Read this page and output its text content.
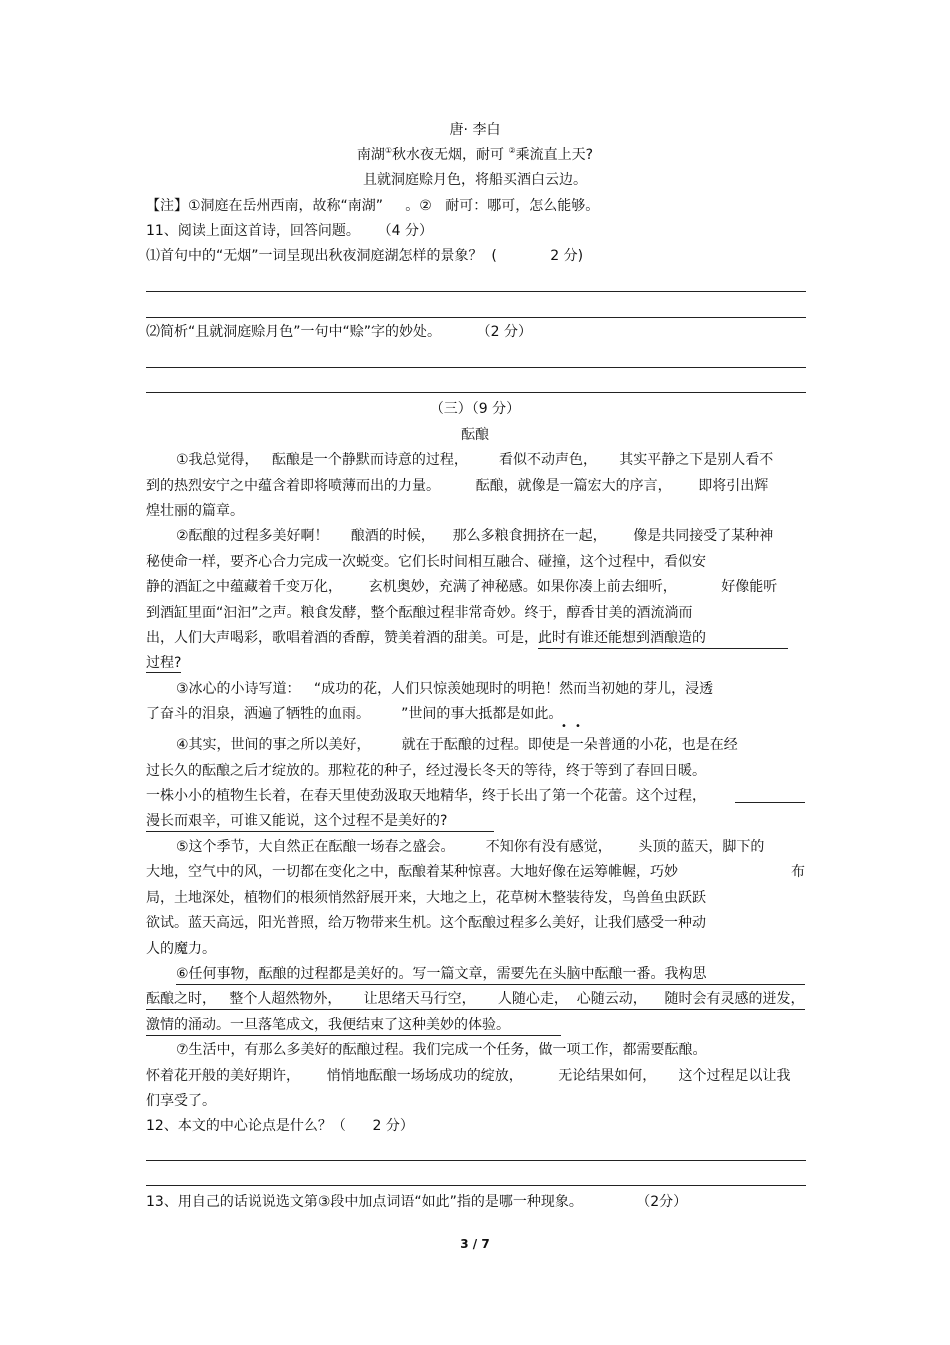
唐· 李白
南湖①秋水夜无烟，耐可 ②乘流直上天?
且就洞庭赊月色，将船买酒白云边。
【注】①洞庭在岳州西南，故称“南湖”     。②   耐可：哪可，怎么能够。
11、阅读上面这首诗，回答问题。    （4 分）
⑴首句中的“无烟”一词呈现出秋夜洞庭湖怎样的景象？  (            2 分)
⑵简析“且就洞庭赊月色”一句中“赊”字的妙处。        （2 分）
（三）（9 分）
酝酿
①我总觉得，   酝酿是一个静默而诗意的过程，       看似不动声色，     其实平静之下是别人看不
到的热烈安宁之中蕴含着即将喷薄而出的力量。        酝酿，就像是一篇宏大的序言，      即将引出辉
煌壮丽的篇章。
②酝酿的过程多美好啊！     酿酒的时候，    那么多粮食拥挤在一起，      像是共同接受了某种神
秘使命一样，要齐心合力完成一次蜕变。它们长时间相互融合、碰撞，这个过程中，看似安
静的酒缸之中蕴藏着千变万化，      玄机奥妙，充满了神秘感。如果你凑上前去细听，          好像能听
到酒缸里面“汩汩”之声。粮食发酵，整个酝酿过程非常奇妙。终于，醇香甘美的酒流淌而
出，人们大声喝彩，歌唱着酒的香醇，赞美着酒的甜美。可是，此时有谁还能想到酒酿造的
过程?
③冰心的小诗写道：   “成功的花，人们只惊羡她现时的明艳！然而当初她的芽儿，浸透
了奋斗的泪泉，洒遍了牺牲的血雨。       ”世间的事大抵都是如此。
• •
④其实，世间的事之所以美好，       就在于酝酿的过程。即使是一朵普通的小花，也是在经
过长久的酝酿之后才绽放的。那粒花的种子，经过漫长冬天的等待，终于等到了春回日暖。
一株小小的植物生长着，在春天里使劲汲取天地精华，终于长出了第一个花蕾。这个过程，
漫长而艰辛，可谁又能说，这个过程不是美好的?
⑤这个季节，大自然正在酝酿一场春之盛会。       不知你有没有感觉，      头顶的蓝天，脚下的
大地，空气中的风，一切都在变化之中，酝酿着某种惊喜。大地好像在运筹帷幄，巧妙	布
局，土地深处，植物们的根须悄然舒展开来，大地之上，花草树木整装待发，鸟兽鱼虫跃跃
欲试。蓝天高远，阳光普照，给万物带来生机。这个酝酿过程多么美好，让我们感受一种动
人的魔力。
⑥任何事物，酝酿的过程都是美好的。写一篇文章，需要先在头脑中酝酿一番。我构思
酝酿之时，   整个人超然物外，     让思绪天马行空，     人随心走，  心随云动，    随时会有灵感的迸发，
激情的涌动。一旦落笔成文，我便结束了这种美妙的体验。
⑦生活中，有那么多美好的酝酿过程。我们完成一个任务，做一项工作，都需要酝酿。
怀着花开般的美好期许，      悄悄地酝酿一场场成功的绽放，        无论结果如何，     这个过程足以让我
们享受了。
12、本文的中心论点是什么？（      2 分）
13、用自己的话说说选文第③段中加点词语“如此”指的是哪一种现象。            （2分）
3 / 7
